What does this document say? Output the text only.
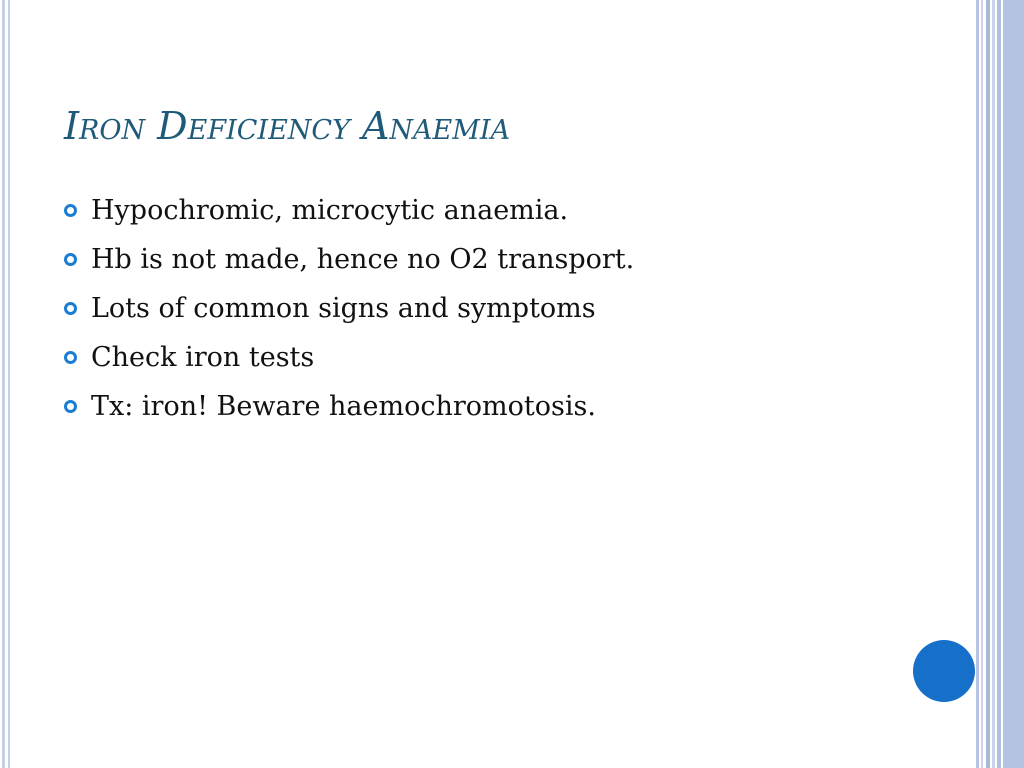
Iron Deficiency Anaemia
Hypochromic, microcytic anaemia.
Hb is not made, hence no O2 transport.
Lots of common signs and symptoms
Check iron tests
Tx: iron! Beware haemochromotosis.
